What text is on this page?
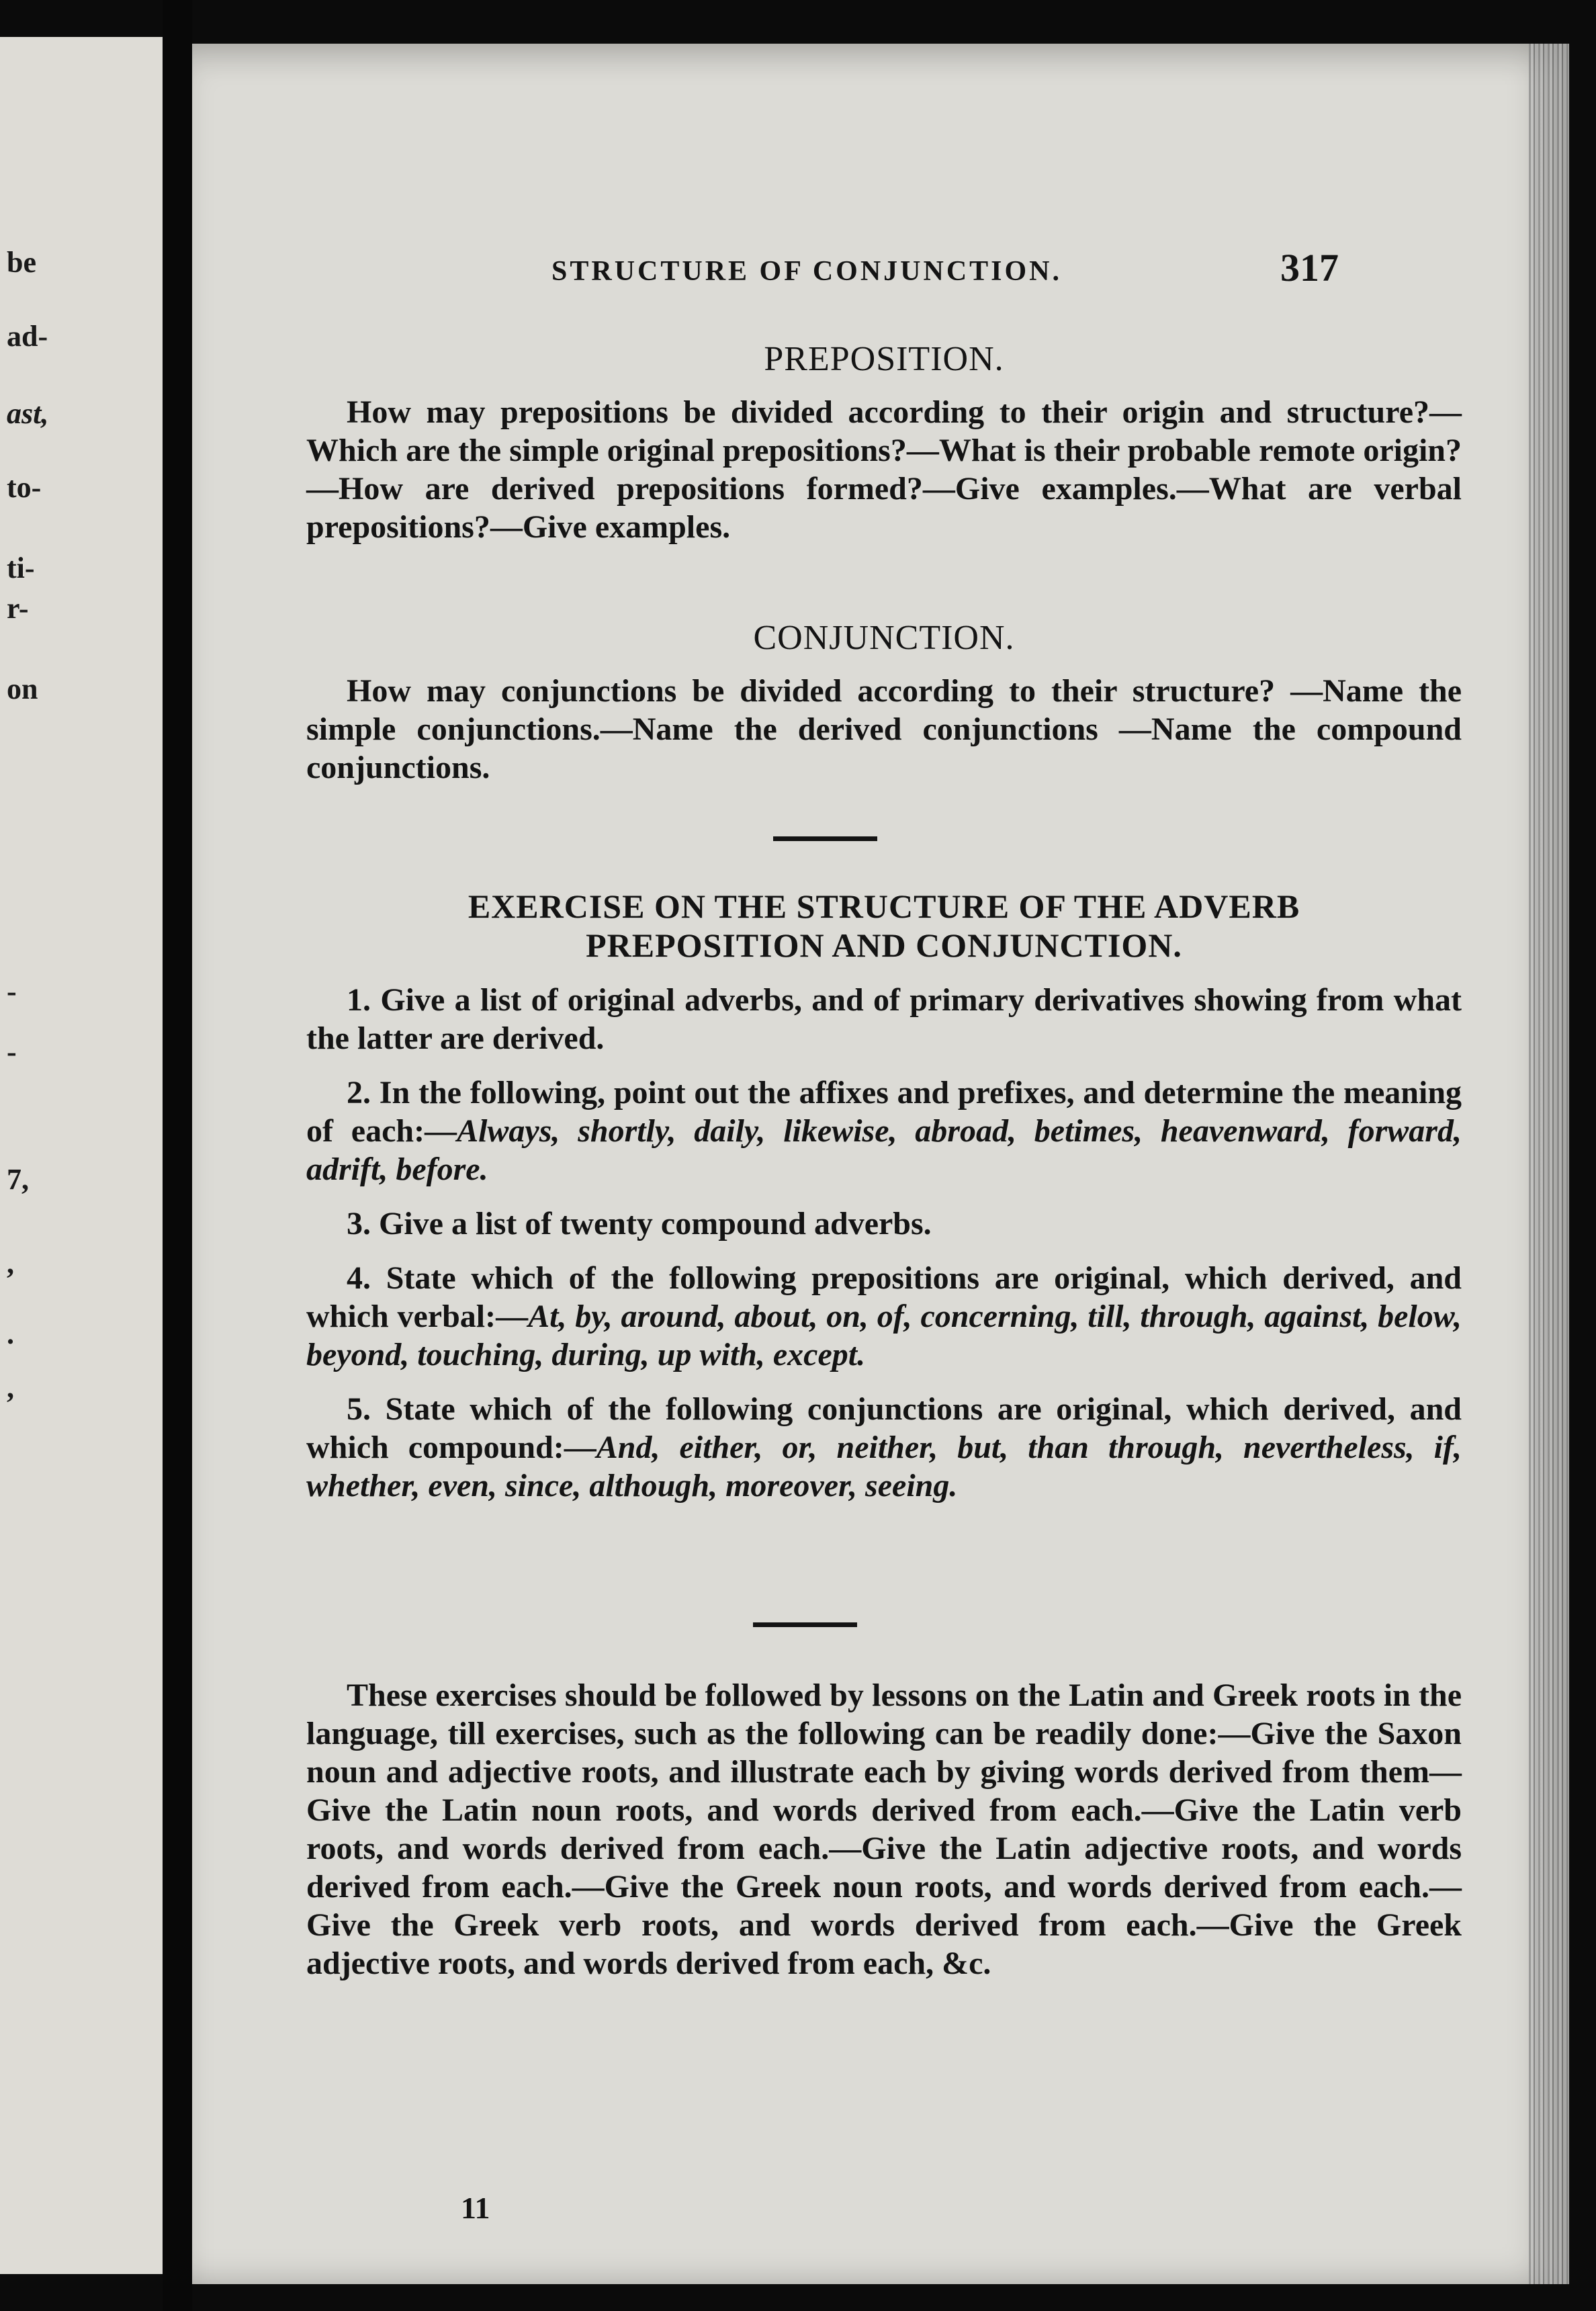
be
ad-
ast,
to-
ti-
r-
on
-
-
7,
,
.
,
STRUCTURE OF CONJUNCTION.	317
PREPOSITION.

How may prepositions be divided according to their origin and structure?—Which are the simple original prepositions?—What is their probable remote origin?—How are derived prepositions formed?—Give examples.—What are verbal prepositions?—Give examples.

CONJUNCTION.

How may conjunctions be divided according to their structure? —Name the simple conjunctions.—Name the derived conjunctions —Name the compound conjunctions.

EXERCISE ON THE STRUCTURE OF THE ADVERB
PREPOSITION AND CONJUNCTION.

1. Give a list of original adverbs, and of primary derivatives showing from what the latter are derived.

2. In the following, point out the affixes and prefixes, and determine the meaning of each:—Always, shortly, daily, likewise, abroad, betimes, heavenward, forward, adrift, before.

3. Give a list of twenty compound adverbs.

4. State which of the following prepositions are original, which derived, and which verbal:—At, by, around, about, on, of, concerning, till, through, against, below, beyond, touching, during, up with, except.

5. State which of the following conjunctions are original, which derived, and which compound:—And, either, or, neither, but, than through, nevertheless, if, whether, even, since, although, moreover, seeing.

These exercises should be followed by lessons on the Latin and Greek roots in the language, till exercises, such as the following can be readily done:—Give the Saxon noun and adjective roots, and illustrate each by giving words derived from them—Give the Latin noun roots, and words derived from each.—Give the Latin verb roots, and words derived from each.—Give the Latin adjective roots, and words derived from each.—Give the Greek noun roots, and words derived from each.—Give the Greek verb roots, and words derived from each.—Give the Greek adjective roots, and words derived from each, &c.

11
